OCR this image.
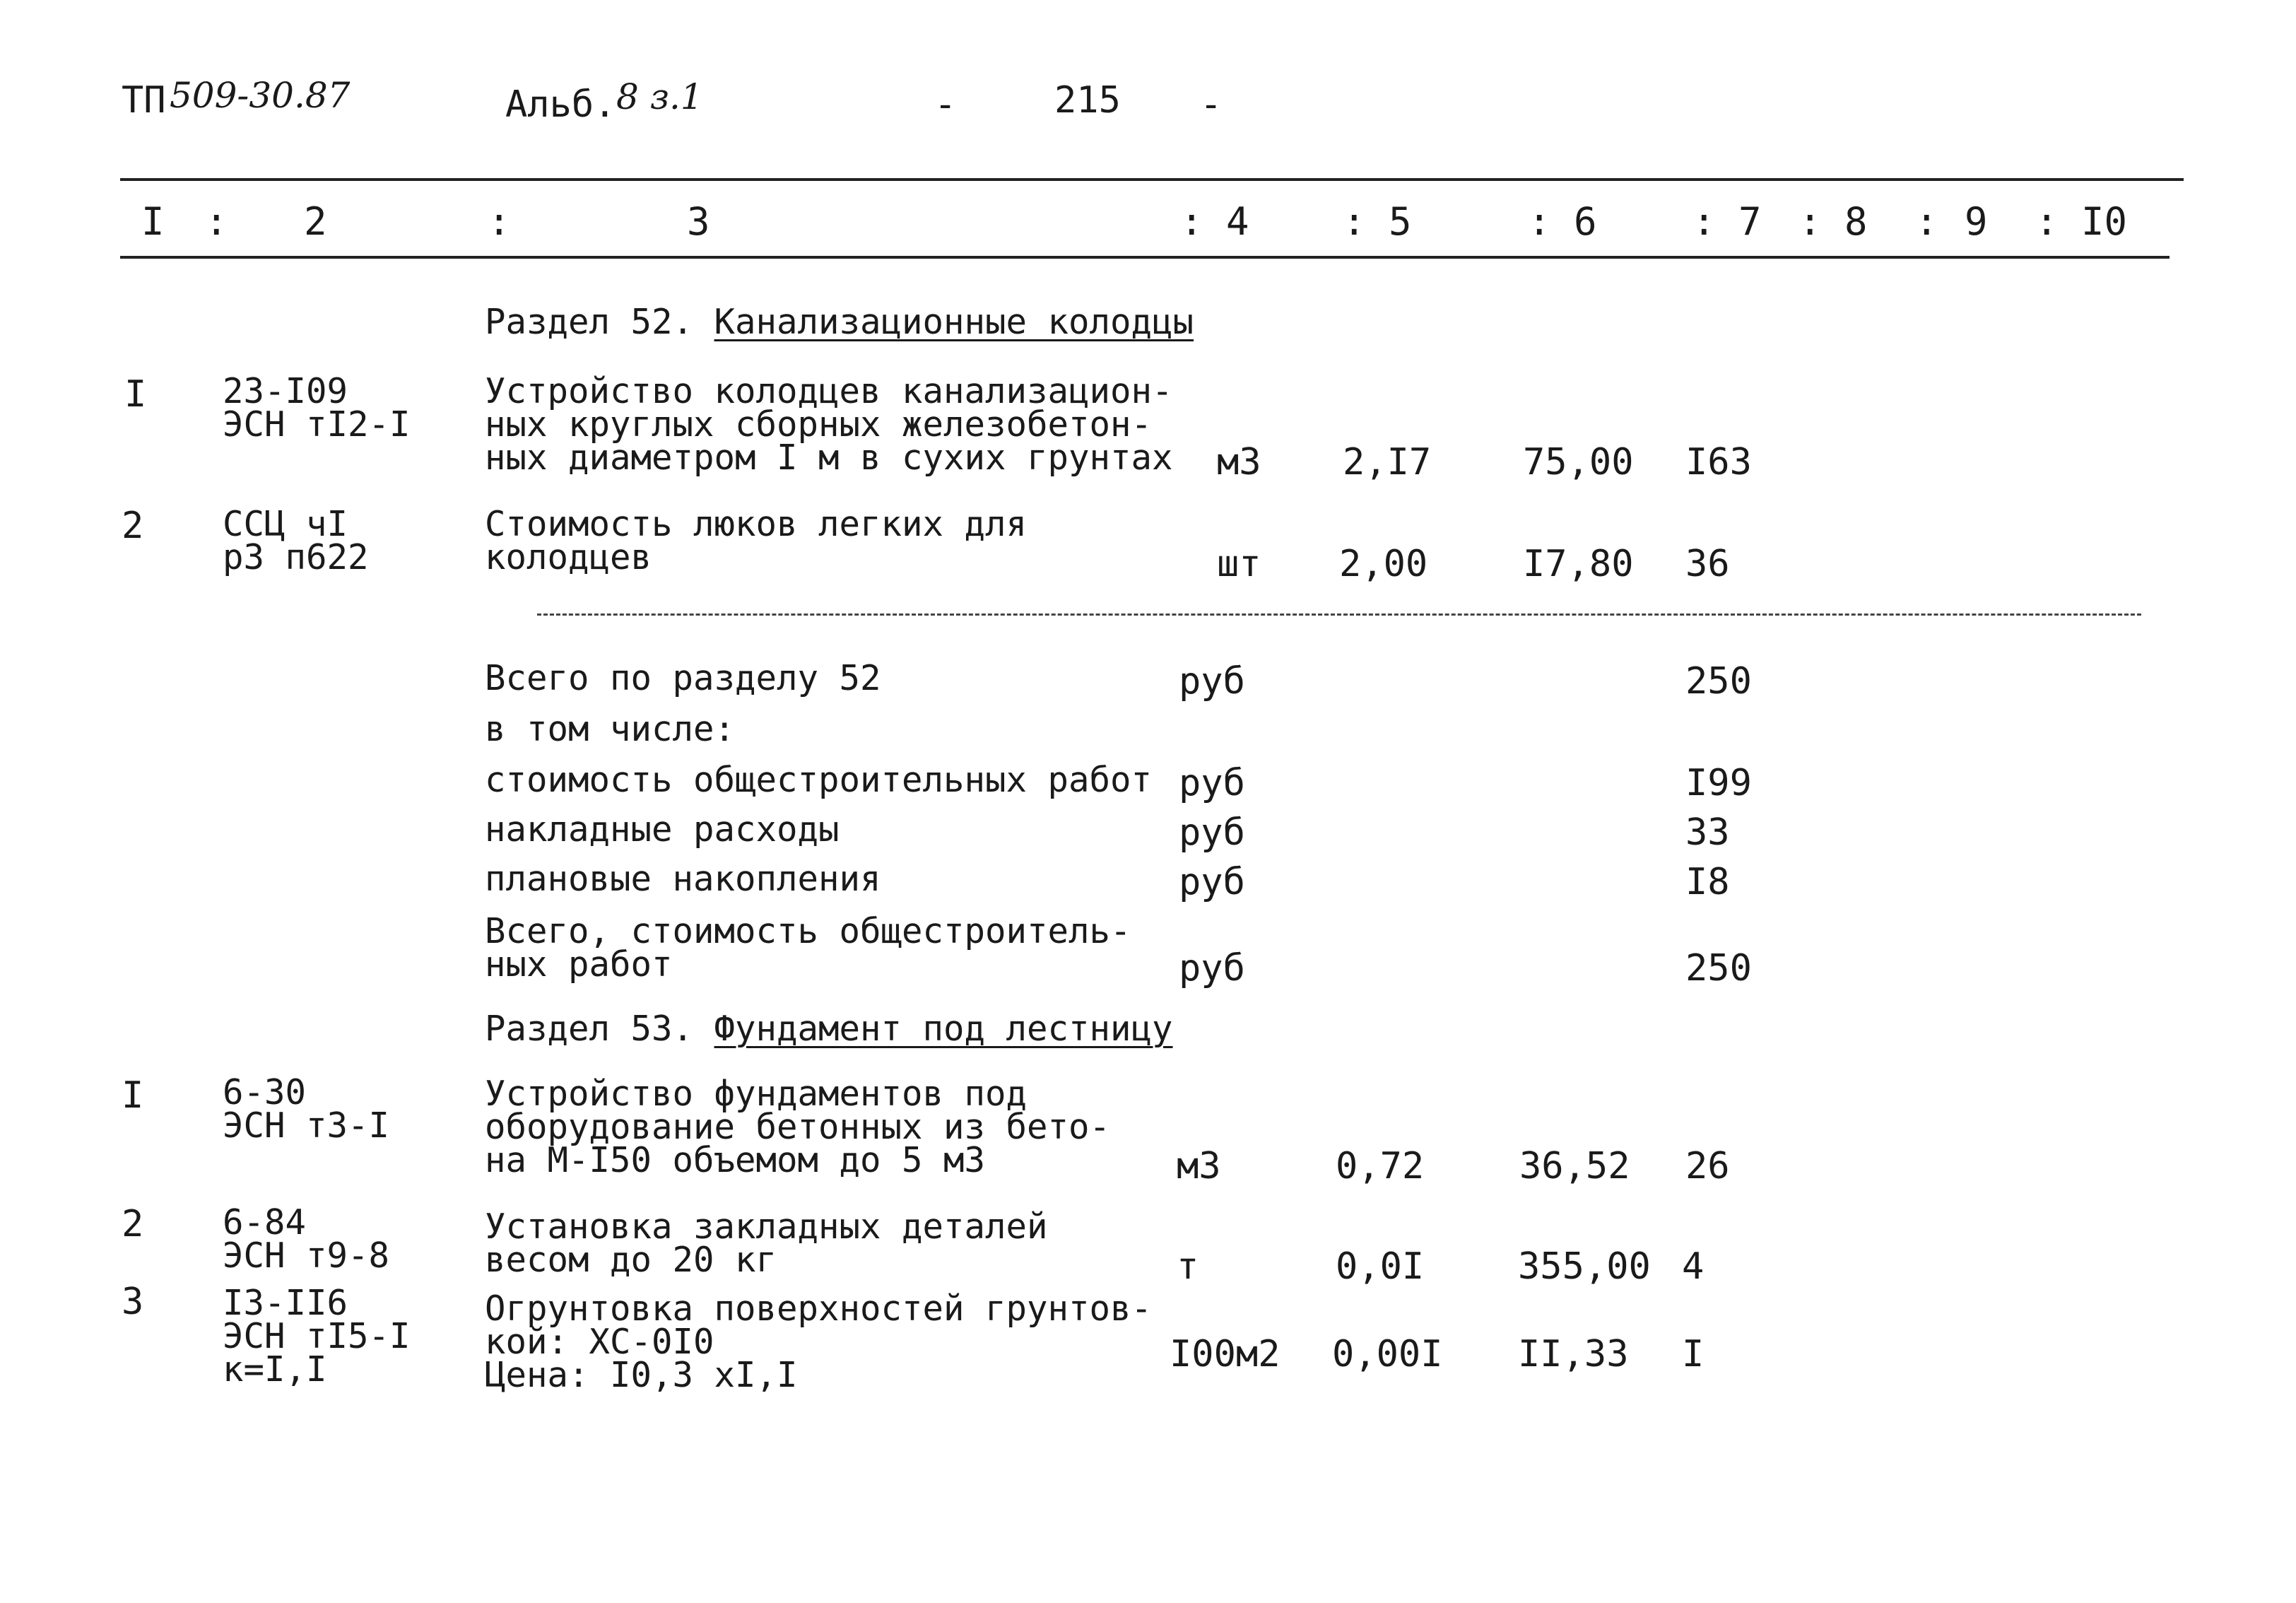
ТП 509-30.87	Альб. 8 з.1	-	215 -
I : 2	:	3	: 4 : 5	: 6	: 7 : 8 : 9 : I0
Раздел 52. Канализационные колодцы
I 23-I09
ЭСН тI2-I
Устройство колодцев канализацион-
ных круглых сборных железобетон-
ных диаметром I м в сухих грунтах м3 2,I7 75,00 I63
2 ССЦ чI
р3 п622
Стоимость люков легких для
колодцев	шт 2,00	I7,80 36
Всего по разделу 52	руб	250
в том числе:
стоимость общестроительных работ руб	I99
накладные расходы	руб	33
плановые накопления	руб	I8
Всего, стоимость общестроитель-
ных работ	руб	250
Раздел 53. Фундамент под лестницу
I 6-30
ЭСН т3-I
Устройство фундаментов под
оборудование бетонных из бето-
на М-I50 объемом до 5 м3	м3	0,72	36,52 26
2 6-84
ЭСН т9-8
Установка закладных деталей
весом до 20 кг	т	0,0I	355,00 4
3 I3-II6
ЭСН тI5-I
к=I,I
Огрунтовка поверхностей грунтов-
кой: ХС-0I0
Цена: I0,3 хI,I	I00м2 0,00I II,33 I
